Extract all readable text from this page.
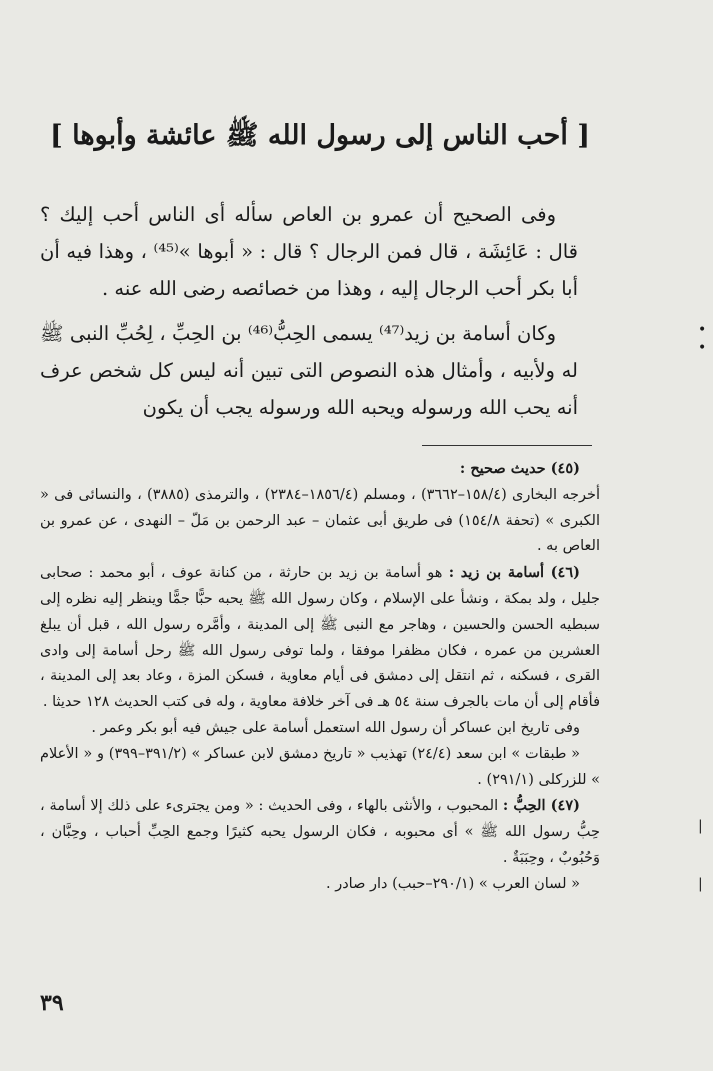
[ أحب الناس إلى رسول الله ﷺ عائشة وأبوها ]

وفى الصحيح أن عمرو بن العاص سأله أى الناس أحب إليك ؟ قال : عَائِشَة ، قال فمن الرجال ؟ قال : « أبوها »⁽⁴⁵⁾ ، وهذا فيه أن أبا بكر أحب الرجال إليه ، وهذا من خصائصه رضى الله عنه .

وكان أسامة بن زيد⁽⁴⁷⁾ يسمى الحِبُّ⁽⁴⁶⁾ بن الحِبِّ ، لِحُبِّ النبى ﷺ له ولأبيه ، وأمثال هذه النصوص التى تبين أنه ليس كل شخص عرف أنه يحب الله ورسوله ويحبه الله ورسوله يجب أن يكون

(٤٥) حديث صحيح :

أخرجه البخارى (١٥٨/٤–٣٦٦٢) ، ومسلم (١٨٥٦/٤–٢٣٨٤) ، والترمذى (٣٨٨٥) ، والنسائى فى « الكبرى » (تحفة ١٥٤/٨) فى طريق أبى عثمان – عبد الرحمن بن مَلّ – النهدى ، عن عمرو بن العاص به .

(٤٦) أسامة بن زيد : هو أسامة بن زيد بن حارثة ، من كنانة عوف ، أبو محمد : صحابى جليل ، ولد بمكة ، ونشأ على الإسلام ، وكان رسول الله ﷺ يحبه حبًّا جمًّا وينظر إليه نظره إلى سبطيه الحسن والحسين ، وهاجر مع النبى ﷺ إلى المدينة ، وأمَّره رسول الله ، قبل أن يبلغ العشرين من عمره ، فكان مظفرا موفقا ، ولما توفى رسول الله ﷺ رحل أسامة إلى وادى القرى ، فسكنه ، ثم انتقل إلى دمشق فى أيام معاوية ، فسكن المزة ، وعاد بعد إلى المدينة ، فأقام إلى أن مات بالجرف سنة ٥٤ هـ فى آخر خلافة معاوية ، وله فى كتب الحديث ١٢٨ حديثا .

وفى تاريخ ابن عساكر أن رسول الله استعمل أسامة على جيش فيه أبو بكر وعمر .

« طبقات » ابن سعد (٢٤/٤) تهذيب « تاريخ دمشق لابن عساكر » (٣٩١/٢–٣٩٩) و « الأعلام » للزركلى (٢٩١/١) .

(٤٧) الحِبُّ : المحبوب ، والأنثى بالهاء ، وفى الحديث : « ومن يجترىء على ذلك إلا أسامة ، حِبُّ رسول الله ﷺ » أى محبوبه ، فكان الرسول يحبه كثيرًا وجمع الحِبِّ أحباب ، وحِبَّان ، وَحُبُوبٌ ، وحِبَبَةٌ .

« لسان العرب » (٢٩٠/١–حبب) دار صادر .

٣٩
•
•
|
|
